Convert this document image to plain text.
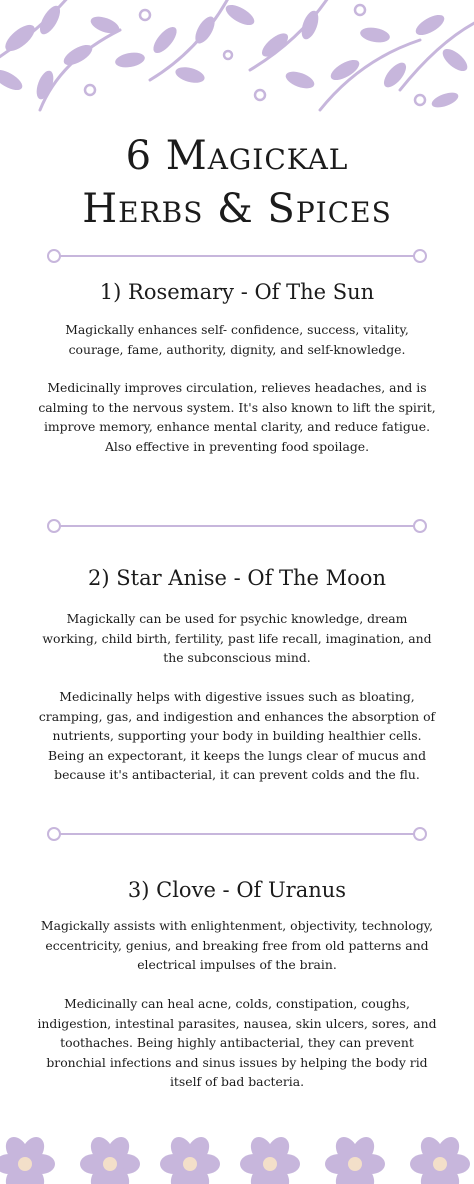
6 Magickal
Herbs & Spices
1) Rosemary - Of The Sun
Magickally enhances self- confidence, success, vitality, courage, fame, authority, dignity, and self-knowledge.
Medicinally improves circulation, relieves headaches, and is calming to the nervous system. It's also known to lift the spirit, improve memory, enhance mental clarity, and reduce fatigue. Also effective in preventing food spoilage.
2) Star Anise - Of The Moon
Magickally can be used for psychic knowledge, dream working, child birth, fertility, past life recall, imagination, and the subconscious mind.
Medicinally helps with digestive issues such as bloating, cramping, gas, and indigestion and enhances the absorption of nutrients, supporting your body in building healthier cells. Being an expectorant, it keeps the lungs clear of mucus and because it's antibacterial, it can prevent colds and the flu.
3) Clove - Of Uranus
Magickally assists with enlightenment, objectivity, technology, eccentricity, genius, and breaking free from old patterns and electrical impulses of the brain.
Medicinally can heal acne, colds, constipation, coughs, indigestion, intestinal parasites, nausea, skin ulcers, sores, and toothaches. Being highly antibacterial, they can prevent bronchial infections and sinus issues by helping the body rid itself of bad bacteria.
